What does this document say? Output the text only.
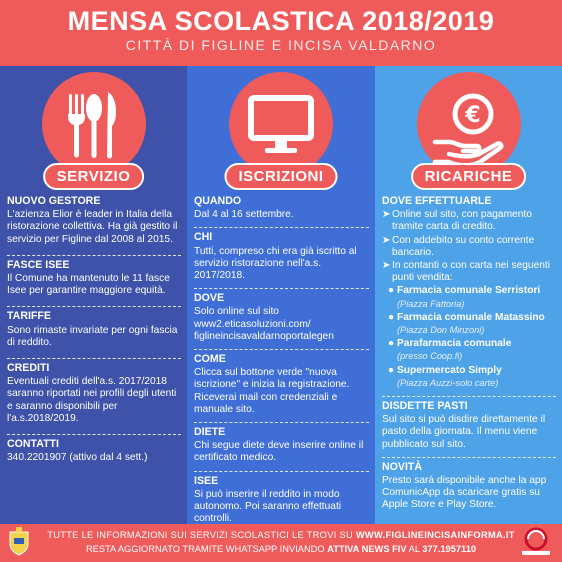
MENSA SCOLASTICA 2018/2019
CITTÀ DI FIGLINE E INCISA VALDARNO
SERVIZIO
NUOVO GESTORE

L'azienza Elior è leader in Italia della ristorazione collettiva. Ha già gestito il servizio per Figline dal 2008 al 2015.

FASCE ISEE

Il Comune ha mantenuto le 11 fasce Isee per garantire maggiore equità.

TARIFFE

Sono rimaste invariate per ogni fascia di reddito.

CREDITI

Eventuali crediti dell'a.s. 2017/2018 saranno riportati nei profili degli utenti e saranno disponibili per l'a.s.2018/2019.

CONTATTI

340.2201907 (attivo dal 4 sett.)

ISCRIZIONI
QUANDO

Dal 4 al 16 settembre.

CHI

Tutti, compreso chi era già iscritto al servizio ristorazione nell'a.s. 2017/2018.

DOVE

Solo online sul sito www2.eticasoluzioni.com/ figlineincisavaldarnoportalegen

COME

Clicca sul bottone verde "nuova iscrizione" e inizia la registrazione. Riceverai mail con credenziali e manuale sito.

DIETE

Chi segue diete deve inserire online il certificato medico.

ISEE

Si può inserire il reddito in modo autonomo. Poi saranno effettuati controlli.

€
RICARICHE
DOVE EFFETTUARLE
➤ Online sul sito, con pagamento tramite carta di credito.
➤ Con addebito su conto corrente bancario.
➤ In contanti o con carta nei seguenti punti vendita:
● Farmacia comunale Serristori
(Piazza Fattoria)
● Farmacia comunale Matassino
(Piazza Don Minzoni)
● Parafarmacia comunale
(presso Coop.fi)
● Supermercato Simply
(Piazza Auzzi-solo carte)
DISDETTE PASTI

Sul sito si può disdire direttamente il pasto della giornata. Il menu viene pubblicato sul sito.

NOVITÀ

Presto sarà disponibile anche la app ComunicApp da scaricare gratis su Apple Store e Play Store.

TUTTE LE INFORMAZIONI SUI SERVIZI SCOLASTICI LE TROVI SU WWW.FIGLINEINCISAINFORMA.IT
RESTA AGGIORNATO TRAMITE WHATSAPP INVIANDO ATTIVA NEWS FIV AL 377.1957110
